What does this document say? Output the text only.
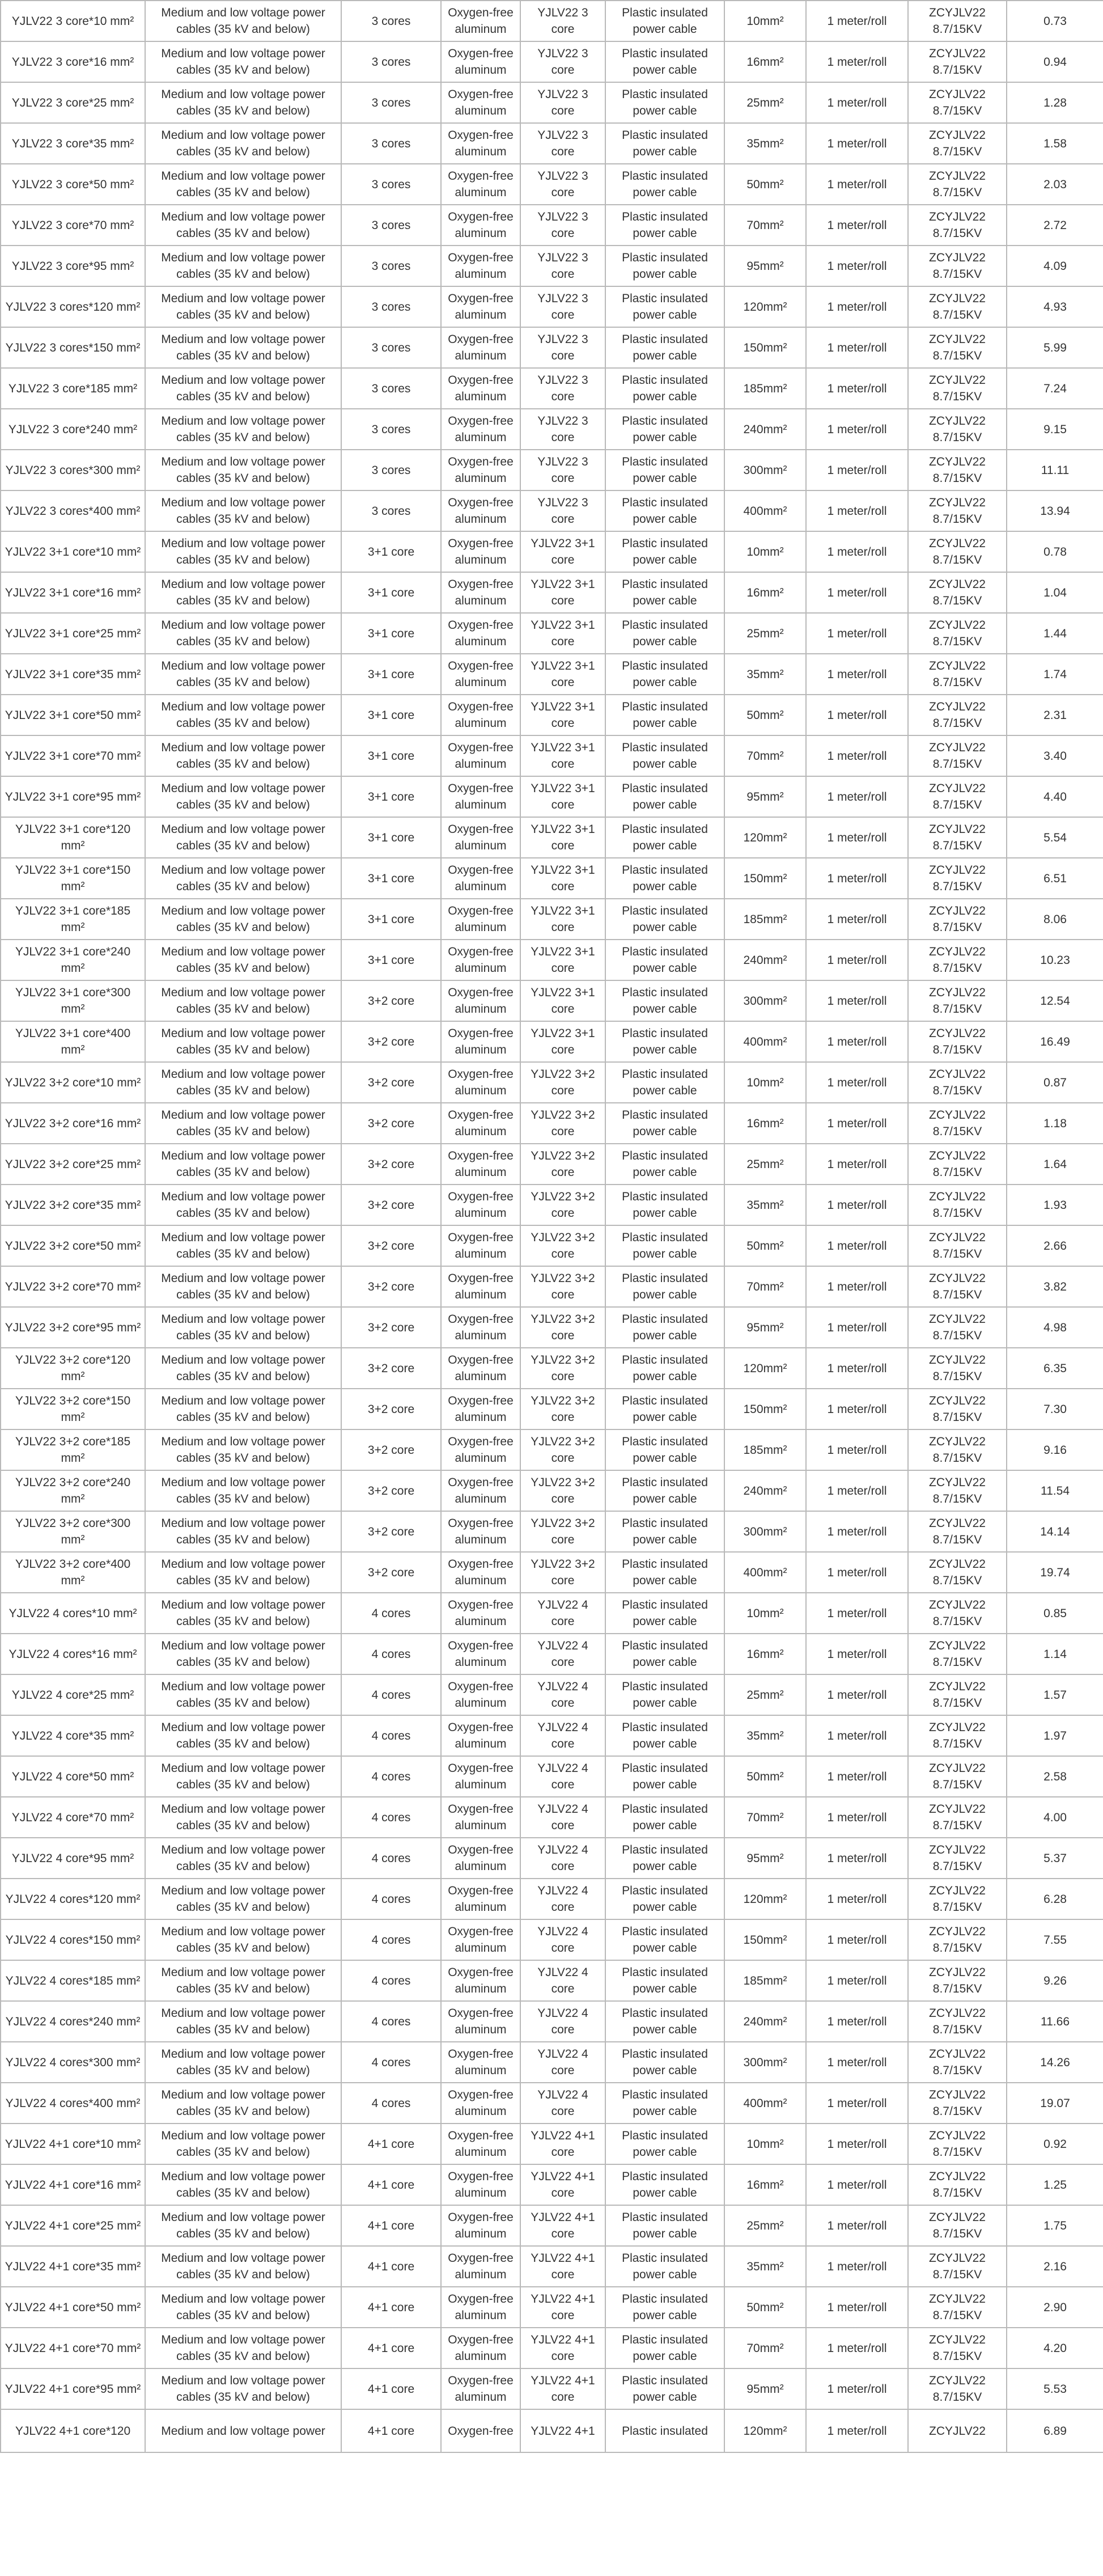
YJLV22 3 core*10 mm²	Medium and low voltage power cables (35 kV and below)	3 cores	Oxygen-free aluminum	YJLV22 3 core	Plastic insulated power cable	10mm²	1 meter/roll	ZCYJLV22 8.7/15KV	0.73
YJLV22 3 core*16 mm²	Medium and low voltage power cables (35 kV and below)	3 cores	Oxygen-free aluminum	YJLV22 3 core	Plastic insulated power cable	16mm²	1 meter/roll	ZCYJLV22 8.7/15KV	0.94
YJLV22 3 core*25 mm²	Medium and low voltage power cables (35 kV and below)	3 cores	Oxygen-free aluminum	YJLV22 3 core	Plastic insulated power cable	25mm²	1 meter/roll	ZCYJLV22 8.7/15KV	1.28
YJLV22 3 core*35 mm²	Medium and low voltage power cables (35 kV and below)	3 cores	Oxygen-free aluminum	YJLV22 3 core	Plastic insulated power cable	35mm²	1 meter/roll	ZCYJLV22 8.7/15KV	1.58
YJLV22 3 core*50 mm²	Medium and low voltage power cables (35 kV and below)	3 cores	Oxygen-free aluminum	YJLV22 3 core	Plastic insulated power cable	50mm²	1 meter/roll	ZCYJLV22 8.7/15KV	2.03
YJLV22 3 core*70 mm²	Medium and low voltage power cables (35 kV and below)	3 cores	Oxygen-free aluminum	YJLV22 3 core	Plastic insulated power cable	70mm²	1 meter/roll	ZCYJLV22 8.7/15KV	2.72
YJLV22 3 core*95 mm²	Medium and low voltage power cables (35 kV and below)	3 cores	Oxygen-free aluminum	YJLV22 3 core	Plastic insulated power cable	95mm²	1 meter/roll	ZCYJLV22 8.7/15KV	4.09
YJLV22 3 cores*120 mm²	Medium and low voltage power cables (35 kV and below)	3 cores	Oxygen-free aluminum	YJLV22 3 core	Plastic insulated power cable	120mm²	1 meter/roll	ZCYJLV22 8.7/15KV	4.93
YJLV22 3 cores*150 mm²	Medium and low voltage power cables (35 kV and below)	3 cores	Oxygen-free aluminum	YJLV22 3 core	Plastic insulated power cable	150mm²	1 meter/roll	ZCYJLV22 8.7/15KV	5.99
YJLV22 3 core*185 mm²	Medium and low voltage power cables (35 kV and below)	3 cores	Oxygen-free aluminum	YJLV22 3 core	Plastic insulated power cable	185mm²	1 meter/roll	ZCYJLV22 8.7/15KV	7.24
YJLV22 3 core*240 mm²	Medium and low voltage power cables (35 kV and below)	3 cores	Oxygen-free aluminum	YJLV22 3 core	Plastic insulated power cable	240mm²	1 meter/roll	ZCYJLV22 8.7/15KV	9.15
YJLV22 3 cores*300 mm²	Medium and low voltage power cables (35 kV and below)	3 cores	Oxygen-free aluminum	YJLV22 3 core	Plastic insulated power cable	300mm²	1 meter/roll	ZCYJLV22 8.7/15KV	11.11
YJLV22 3 cores*400 mm²	Medium and low voltage power cables (35 kV and below)	3 cores	Oxygen-free aluminum	YJLV22 3 core	Plastic insulated power cable	400mm²	1 meter/roll	ZCYJLV22 8.7/15KV	13.94
YJLV22 3+1 core*10 mm²	Medium and low voltage power cables (35 kV and below)	3+1 core	Oxygen-free aluminum	YJLV22 3+1 core	Plastic insulated power cable	10mm²	1 meter/roll	ZCYJLV22 8.7/15KV	0.78
YJLV22 3+1 core*16 mm²	Medium and low voltage power cables (35 kV and below)	3+1 core	Oxygen-free aluminum	YJLV22 3+1 core	Plastic insulated power cable	16mm²	1 meter/roll	ZCYJLV22 8.7/15KV	1.04
YJLV22 3+1 core*25 mm²	Medium and low voltage power cables (35 kV and below)	3+1 core	Oxygen-free aluminum	YJLV22 3+1 core	Plastic insulated power cable	25mm²	1 meter/roll	ZCYJLV22 8.7/15KV	1.44
YJLV22 3+1 core*35 mm²	Medium and low voltage power cables (35 kV and below)	3+1 core	Oxygen-free aluminum	YJLV22 3+1 core	Plastic insulated power cable	35mm²	1 meter/roll	ZCYJLV22 8.7/15KV	1.74
YJLV22 3+1 core*50 mm²	Medium and low voltage power cables (35 kV and below)	3+1 core	Oxygen-free aluminum	YJLV22 3+1 core	Plastic insulated power cable	50mm²	1 meter/roll	ZCYJLV22 8.7/15KV	2.31
YJLV22 3+1 core*70 mm²	Medium and low voltage power cables (35 kV and below)	3+1 core	Oxygen-free aluminum	YJLV22 3+1 core	Plastic insulated power cable	70mm²	1 meter/roll	ZCYJLV22 8.7/15KV	3.40
YJLV22 3+1 core*95 mm²	Medium and low voltage power cables (35 kV and below)	3+1 core	Oxygen-free aluminum	YJLV22 3+1 core	Plastic insulated power cable	95mm²	1 meter/roll	ZCYJLV22 8.7/15KV	4.40
YJLV22 3+1 core*120 mm²	Medium and low voltage power cables (35 kV and below)	3+1 core	Oxygen-free aluminum	YJLV22 3+1 core	Plastic insulated power cable	120mm²	1 meter/roll	ZCYJLV22 8.7/15KV	5.54
YJLV22 3+1 core*150 mm²	Medium and low voltage power cables (35 kV and below)	3+1 core	Oxygen-free aluminum	YJLV22 3+1 core	Plastic insulated power cable	150mm²	1 meter/roll	ZCYJLV22 8.7/15KV	6.51
YJLV22 3+1 core*185 mm²	Medium and low voltage power cables (35 kV and below)	3+1 core	Oxygen-free aluminum	YJLV22 3+1 core	Plastic insulated power cable	185mm²	1 meter/roll	ZCYJLV22 8.7/15KV	8.06
YJLV22 3+1 core*240 mm²	Medium and low voltage power cables (35 kV and below)	3+1 core	Oxygen-free aluminum	YJLV22 3+1 core	Plastic insulated power cable	240mm²	1 meter/roll	ZCYJLV22 8.7/15KV	10.23
YJLV22 3+1 core*300 mm²	Medium and low voltage power cables (35 kV and below)	3+2 core	Oxygen-free aluminum	YJLV22 3+1 core	Plastic insulated power cable	300mm²	1 meter/roll	ZCYJLV22 8.7/15KV	12.54
YJLV22 3+1 core*400 mm²	Medium and low voltage power cables (35 kV and below)	3+2 core	Oxygen-free aluminum	YJLV22 3+1 core	Plastic insulated power cable	400mm²	1 meter/roll	ZCYJLV22 8.7/15KV	16.49
YJLV22 3+2 core*10 mm²	Medium and low voltage power cables (35 kV and below)	3+2 core	Oxygen-free aluminum	YJLV22 3+2 core	Plastic insulated power cable	10mm²	1 meter/roll	ZCYJLV22 8.7/15KV	0.87
YJLV22 3+2 core*16 mm²	Medium and low voltage power cables (35 kV and below)	3+2 core	Oxygen-free aluminum	YJLV22 3+2 core	Plastic insulated power cable	16mm²	1 meter/roll	ZCYJLV22 8.7/15KV	1.18
YJLV22 3+2 core*25 mm²	Medium and low voltage power cables (35 kV and below)	3+2 core	Oxygen-free aluminum	YJLV22 3+2 core	Plastic insulated power cable	25mm²	1 meter/roll	ZCYJLV22 8.7/15KV	1.64
YJLV22 3+2 core*35 mm²	Medium and low voltage power cables (35 kV and below)	3+2 core	Oxygen-free aluminum	YJLV22 3+2 core	Plastic insulated power cable	35mm²	1 meter/roll	ZCYJLV22 8.7/15KV	1.93
YJLV22 3+2 core*50 mm²	Medium and low voltage power cables (35 kV and below)	3+2 core	Oxygen-free aluminum	YJLV22 3+2 core	Plastic insulated power cable	50mm²	1 meter/roll	ZCYJLV22 8.7/15KV	2.66
YJLV22 3+2 core*70 mm²	Medium and low voltage power cables (35 kV and below)	3+2 core	Oxygen-free aluminum	YJLV22 3+2 core	Plastic insulated power cable	70mm²	1 meter/roll	ZCYJLV22 8.7/15KV	3.82
YJLV22 3+2 core*95 mm²	Medium and low voltage power cables (35 kV and below)	3+2 core	Oxygen-free aluminum	YJLV22 3+2 core	Plastic insulated power cable	95mm²	1 meter/roll	ZCYJLV22 8.7/15KV	4.98
YJLV22 3+2 core*120 mm²	Medium and low voltage power cables (35 kV and below)	3+2 core	Oxygen-free aluminum	YJLV22 3+2 core	Plastic insulated power cable	120mm²	1 meter/roll	ZCYJLV22 8.7/15KV	6.35
YJLV22 3+2 core*150 mm²	Medium and low voltage power cables (35 kV and below)	3+2 core	Oxygen-free aluminum	YJLV22 3+2 core	Plastic insulated power cable	150mm²	1 meter/roll	ZCYJLV22 8.7/15KV	7.30
YJLV22 3+2 core*185 mm²	Medium and low voltage power cables (35 kV and below)	3+2 core	Oxygen-free aluminum	YJLV22 3+2 core	Plastic insulated power cable	185mm²	1 meter/roll	ZCYJLV22 8.7/15KV	9.16
YJLV22 3+2 core*240 mm²	Medium and low voltage power cables (35 kV and below)	3+2 core	Oxygen-free aluminum	YJLV22 3+2 core	Plastic insulated power cable	240mm²	1 meter/roll	ZCYJLV22 8.7/15KV	11.54
YJLV22 3+2 core*300 mm²	Medium and low voltage power cables (35 kV and below)	3+2 core	Oxygen-free aluminum	YJLV22 3+2 core	Plastic insulated power cable	300mm²	1 meter/roll	ZCYJLV22 8.7/15KV	14.14
YJLV22 3+2 core*400 mm²	Medium and low voltage power cables (35 kV and below)	3+2 core	Oxygen-free aluminum	YJLV22 3+2 core	Plastic insulated power cable	400mm²	1 meter/roll	ZCYJLV22 8.7/15KV	19.74
YJLV22 4 cores*10 mm²	Medium and low voltage power cables (35 kV and below)	4 cores	Oxygen-free aluminum	YJLV22 4 core	Plastic insulated power cable	10mm²	1 meter/roll	ZCYJLV22 8.7/15KV	0.85
YJLV22 4 cores*16 mm²	Medium and low voltage power cables (35 kV and below)	4 cores	Oxygen-free aluminum	YJLV22 4 core	Plastic insulated power cable	16mm²	1 meter/roll	ZCYJLV22 8.7/15KV	1.14
YJLV22 4 core*25 mm²	Medium and low voltage power cables (35 kV and below)	4 cores	Oxygen-free aluminum	YJLV22 4 core	Plastic insulated power cable	25mm²	1 meter/roll	ZCYJLV22 8.7/15KV	1.57
YJLV22 4 core*35 mm²	Medium and low voltage power cables (35 kV and below)	4 cores	Oxygen-free aluminum	YJLV22 4 core	Plastic insulated power cable	35mm²	1 meter/roll	ZCYJLV22 8.7/15KV	1.97
YJLV22 4 core*50 mm²	Medium and low voltage power cables (35 kV and below)	4 cores	Oxygen-free aluminum	YJLV22 4 core	Plastic insulated power cable	50mm²	1 meter/roll	ZCYJLV22 8.7/15KV	2.58
YJLV22 4 core*70 mm²	Medium and low voltage power cables (35 kV and below)	4 cores	Oxygen-free aluminum	YJLV22 4 core	Plastic insulated power cable	70mm²	1 meter/roll	ZCYJLV22 8.7/15KV	4.00
YJLV22 4 core*95 mm²	Medium and low voltage power cables (35 kV and below)	4 cores	Oxygen-free aluminum	YJLV22 4 core	Plastic insulated power cable	95mm²	1 meter/roll	ZCYJLV22 8.7/15KV	5.37
YJLV22 4 cores*120 mm²	Medium and low voltage power cables (35 kV and below)	4 cores	Oxygen-free aluminum	YJLV22 4 core	Plastic insulated power cable	120mm²	1 meter/roll	ZCYJLV22 8.7/15KV	6.28
YJLV22 4 cores*150 mm²	Medium and low voltage power cables (35 kV and below)	4 cores	Oxygen-free aluminum	YJLV22 4 core	Plastic insulated power cable	150mm²	1 meter/roll	ZCYJLV22 8.7/15KV	7.55
YJLV22 4 cores*185 mm²	Medium and low voltage power cables (35 kV and below)	4 cores	Oxygen-free aluminum	YJLV22 4 core	Plastic insulated power cable	185mm²	1 meter/roll	ZCYJLV22 8.7/15KV	9.26
YJLV22 4 cores*240 mm²	Medium and low voltage power cables (35 kV and below)	4 cores	Oxygen-free aluminum	YJLV22 4 core	Plastic insulated power cable	240mm²	1 meter/roll	ZCYJLV22 8.7/15KV	11.66
YJLV22 4 cores*300 mm²	Medium and low voltage power cables (35 kV and below)	4 cores	Oxygen-free aluminum	YJLV22 4 core	Plastic insulated power cable	300mm²	1 meter/roll	ZCYJLV22 8.7/15KV	14.26
YJLV22 4 cores*400 mm²	Medium and low voltage power cables (35 kV and below)	4 cores	Oxygen-free aluminum	YJLV22 4 core	Plastic insulated power cable	400mm²	1 meter/roll	ZCYJLV22 8.7/15KV	19.07
YJLV22 4+1 core*10 mm²	Medium and low voltage power cables (35 kV and below)	4+1 core	Oxygen-free aluminum	YJLV22 4+1 core	Plastic insulated power cable	10mm²	1 meter/roll	ZCYJLV22 8.7/15KV	0.92
YJLV22 4+1 core*16 mm²	Medium and low voltage power cables (35 kV and below)	4+1 core	Oxygen-free aluminum	YJLV22 4+1 core	Plastic insulated power cable	16mm²	1 meter/roll	ZCYJLV22 8.7/15KV	1.25
YJLV22 4+1 core*25 mm²	Medium and low voltage power cables (35 kV and below)	4+1 core	Oxygen-free aluminum	YJLV22 4+1 core	Plastic insulated power cable	25mm²	1 meter/roll	ZCYJLV22 8.7/15KV	1.75
YJLV22 4+1 core*35 mm²	Medium and low voltage power cables (35 kV and below)	4+1 core	Oxygen-free aluminum	YJLV22 4+1 core	Plastic insulated power cable	35mm²	1 meter/roll	ZCYJLV22 8.7/15KV	2.16
YJLV22 4+1 core*50 mm²	Medium and low voltage power cables (35 kV and below)	4+1 core	Oxygen-free aluminum	YJLV22 4+1 core	Plastic insulated power cable	50mm²	1 meter/roll	ZCYJLV22 8.7/15KV	2.90
YJLV22 4+1 core*70 mm²	Medium and low voltage power cables (35 kV and below)	4+1 core	Oxygen-free aluminum	YJLV22 4+1 core	Plastic insulated power cable	70mm²	1 meter/roll	ZCYJLV22 8.7/15KV	4.20
YJLV22 4+1 core*95 mm²	Medium and low voltage power cables (35 kV and below)	4+1 core	Oxygen-free aluminum	YJLV22 4+1 core	Plastic insulated power cable	95mm²	1 meter/roll	ZCYJLV22 8.7/15KV	5.53
YJLV22 4+1 core*120	Medium and low voltage power	4+1 core	Oxygen-free	YJLV22 4+1	Plastic insulated	120mm²	1 meter/roll	ZCYJLV22	6.89
